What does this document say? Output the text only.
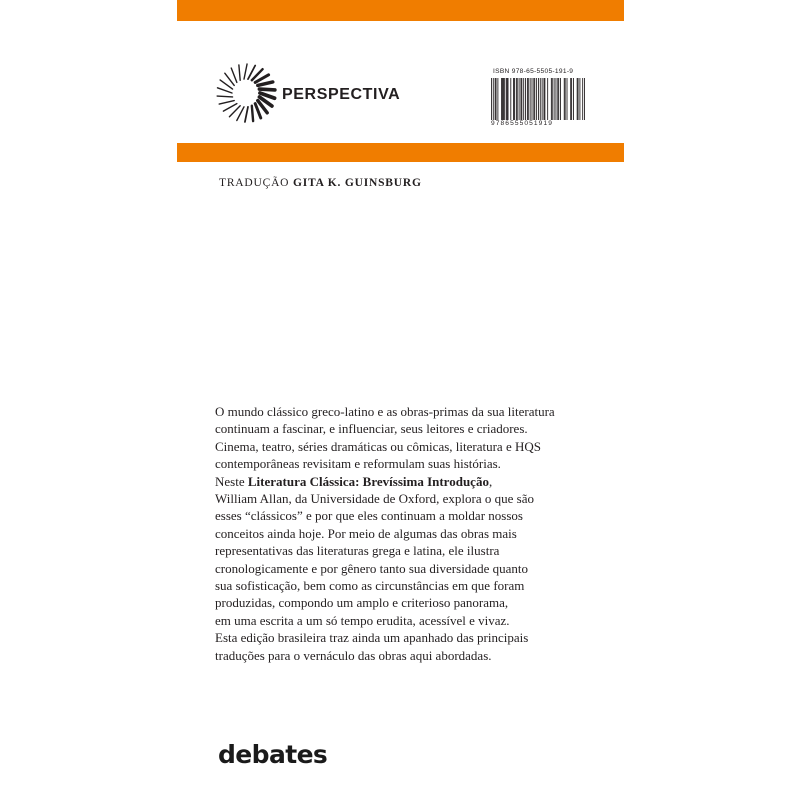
PERSPECTIVA
ISBN 978-65-5505-191-9
9786555051919
TRADUÇÃO GITA K. GUINSBURG
O mundo clássico greco-latino e as obras-primas da sua literatura
continuam a fascinar, e influenciar, seus leitores e criadores.
Cinema, teatro, séries dramáticas ou cômicas, literatura e HQS
contemporâneas revisitam e reformulam suas histórias.
Neste Literatura Clássica: Brevíssima Introdução,
William Allan, da Universidade de Oxford, explora o que são
esses “clássicos” e por que eles continuam a moldar nossos
conceitos ainda hoje. Por meio de algumas das obras mais
representativas das literaturas grega e latina, ele ilustra
cronologicamente e por gênero tanto sua diversidade quanto
sua sofisticação, bem como as circunstâncias em que foram
produzidas, compondo um amplo e criterioso panorama,
em uma escrita a um só tempo erudita, acessível e vivaz.
Esta edição brasileira traz ainda um apanhado das principais
traduções para o vernáculo das obras aqui abordadas.
debates
